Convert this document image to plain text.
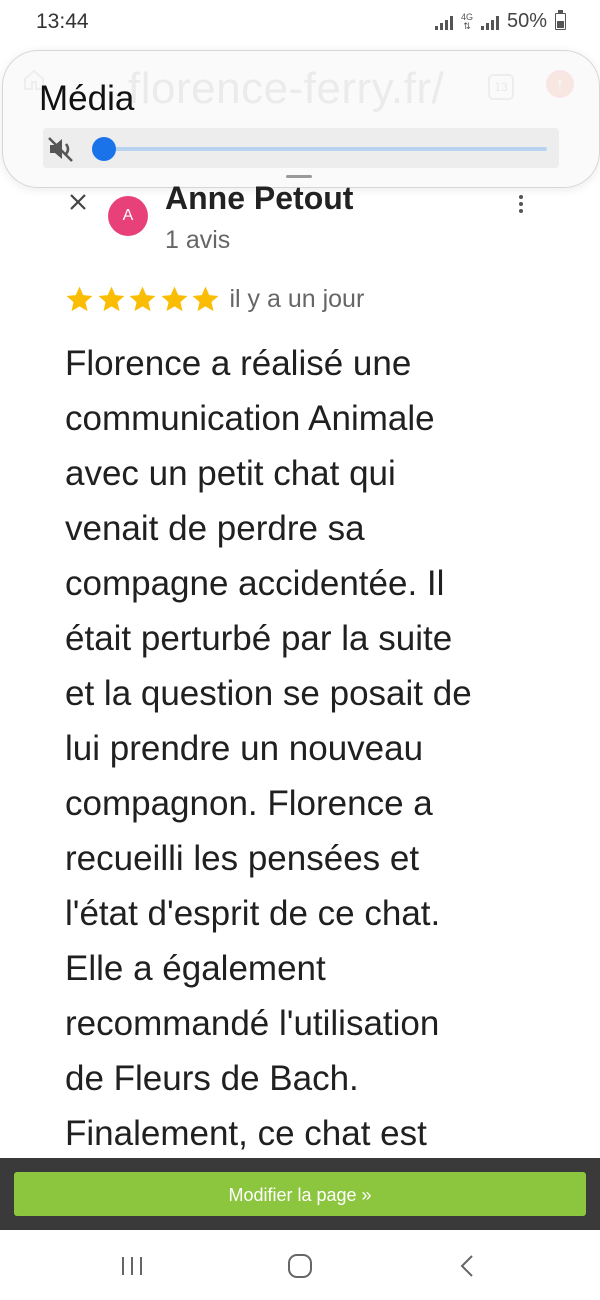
13:44	4G
⇅ 50%
Média
A Anne Petout
1 avis
il y a un jour
Florence a réalisé une
communication Animale
avec un petit chat qui
venait de perdre sa
compagne accidentée. Il
était perturbé par la suite
et la question se posait de
lui prendre un nouveau
compagnon. Florence a
recueilli les pensées et
l'état d'esprit de ce chat.
Elle a également
recommandé l'utilisation
de Fleurs de Bach.
Finalement, ce chat est
Modifier la page »
